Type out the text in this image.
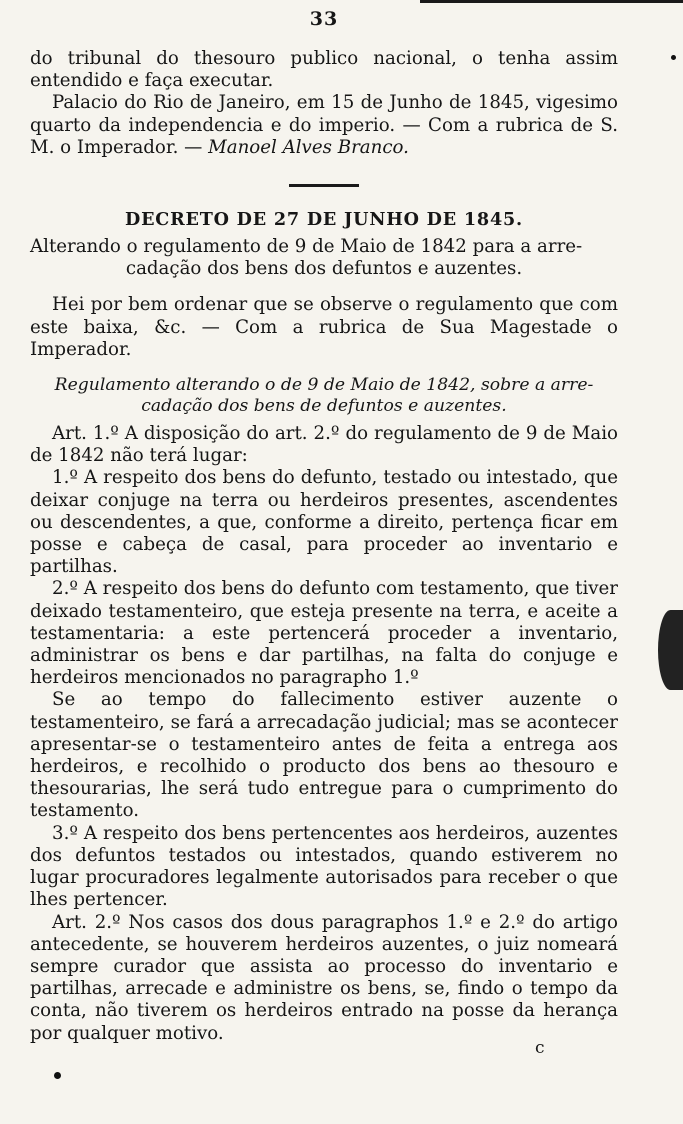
33

do tribunal do thesouro publico nacional, o tenha assim entendido e faça executar.

Palacio do Rio de Janeiro, em 15 de Junho de 1845, vigesimo quarto da independencia e do imperio. — Com a rubrica de S. M. o Imperador. — Manoel Alves Branco.

DECRETO DE 27 DE JUNHO DE 1845.

Alterando o regulamento de 9 de Maio de 1842 para a arre-
cadação dos bens dos defuntos e auzentes.

Hei por bem ordenar que se observe o regulamento que com este baixa, &c. — Com a rubrica de Sua Magestade o Imperador.

Regulamento alterando o de 9 de Maio de 1842, sobre a arre-
cadação dos bens de defuntos e auzentes.

Art. 1.º A disposição do art. 2.º do regulamento de 9 de Maio de 1842 não terá lugar:

1.º A respeito dos bens do defunto, testado ou intestado, que deixar conjuge na terra ou herdeiros presentes, ascendentes ou descendentes, a que, conforme a direito, pertença ficar em posse e cabeça de casal, para proceder ao inventario e partilhas.

2.º A respeito dos bens do defunto com testamento, que tiver deixado testamenteiro, que esteja presente na terra, e aceite a testamentaria: a este pertencerá proceder a inventario, administrar os bens e dar partilhas, na falta do conjuge e herdeiros mencionados no paragrapho 1.º

Se ao tempo do fallecimento estiver auzente o testamenteiro, se fará a arrecadação judicial; mas se acontecer apresentar-se o testamenteiro antes de feita a entrega aos herdeiros, e recolhido o producto dos bens ao thesouro e thesourarias, lhe será tudo entregue para o cumprimento do testamento.

3.º A respeito dos bens pertencentes aos herdeiros, auzentes dos defuntos testados ou intestados, quando estiverem no lugar procuradores legalmente autorisados para receber o que lhes pertencer.

Art. 2.º Nos casos dos dous paragraphos 1.º e 2.º do artigo antecedente, se houverem herdeiros auzentes, o juiz nomeará sempre curador que assista ao processo do inventario e partilhas, arrecade e administre os bens, se, findo o tempo da conta, não tiverem os herdeiros entrado na posse da herança por qualquer motivo.

c
